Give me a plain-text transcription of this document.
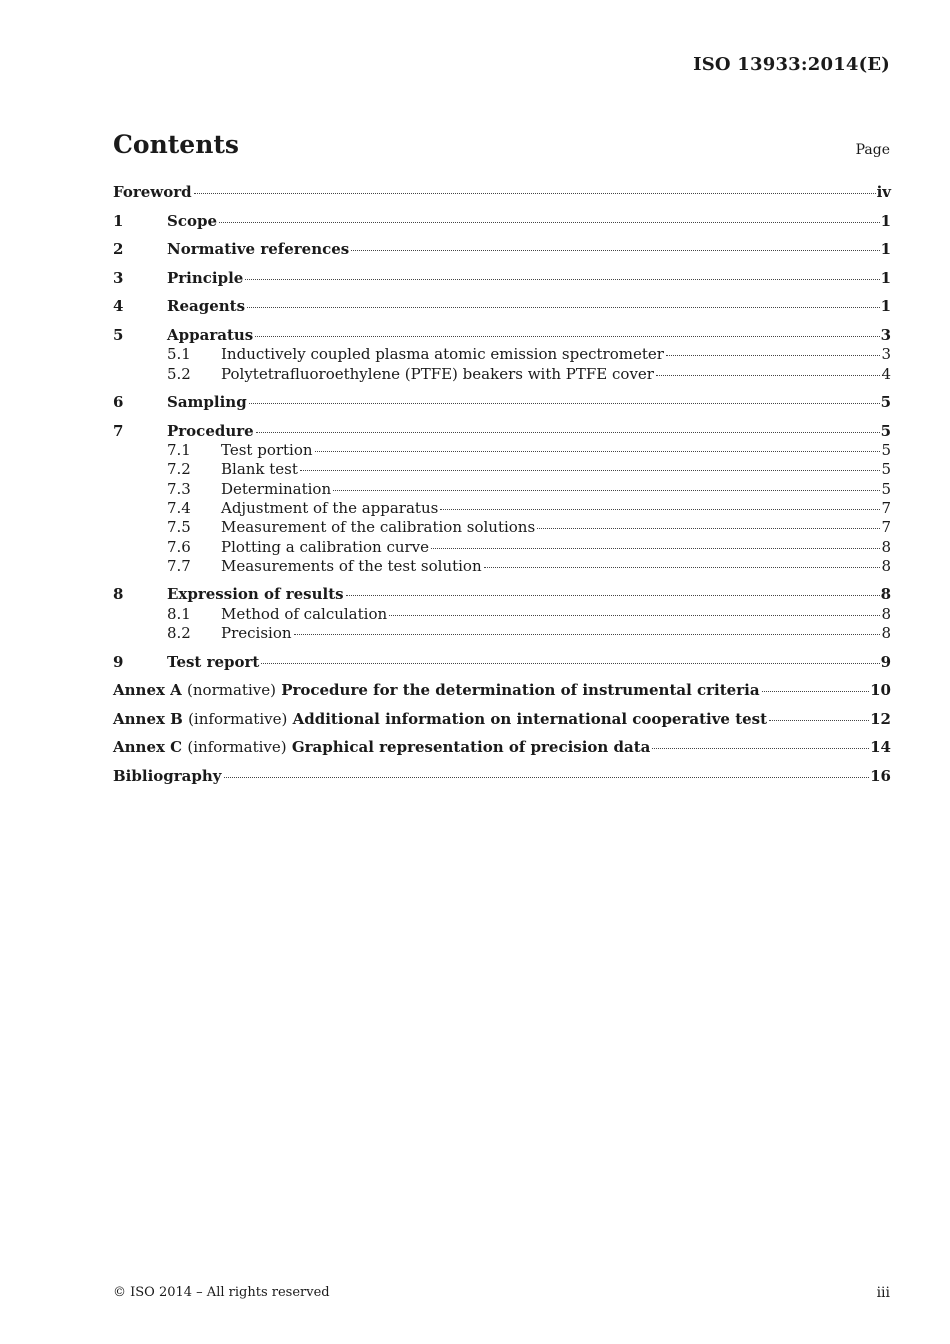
ISO 13933:2014(E)
Contents	Page
Foreword	iv
1	Scope	1
2	Normative references	1
3	Principle	1
4	Reagents	1
5	Apparatus	3
5.1	Inductively coupled plasma atomic emission spectrometer	3
5.2	Polytetrafluoroethylene (PTFE) beakers with PTFE cover	4
6	Sampling	5
7	Procedure	5
7.1	Test portion	5
7.2	Blank test	5
7.3	Determination	5
7.4	Adjustment of the apparatus	7
7.5	Measurement of the calibration solutions	7
7.6	Plotting a calibration curve	8
7.7	Measurements of the test solution	8
8	Expression of results	8
8.1	Method of calculation	8
8.2	Precision	8
9	Test report	9
Annex A (normative) Procedure for the determination of instrumental criteria	10
Annex B (informative) Additional information on international cooperative test	12
Annex C (informative) Graphical representation of precision data	14
Bibliography	16
© ISO 2014 – All rights reserved	iii
